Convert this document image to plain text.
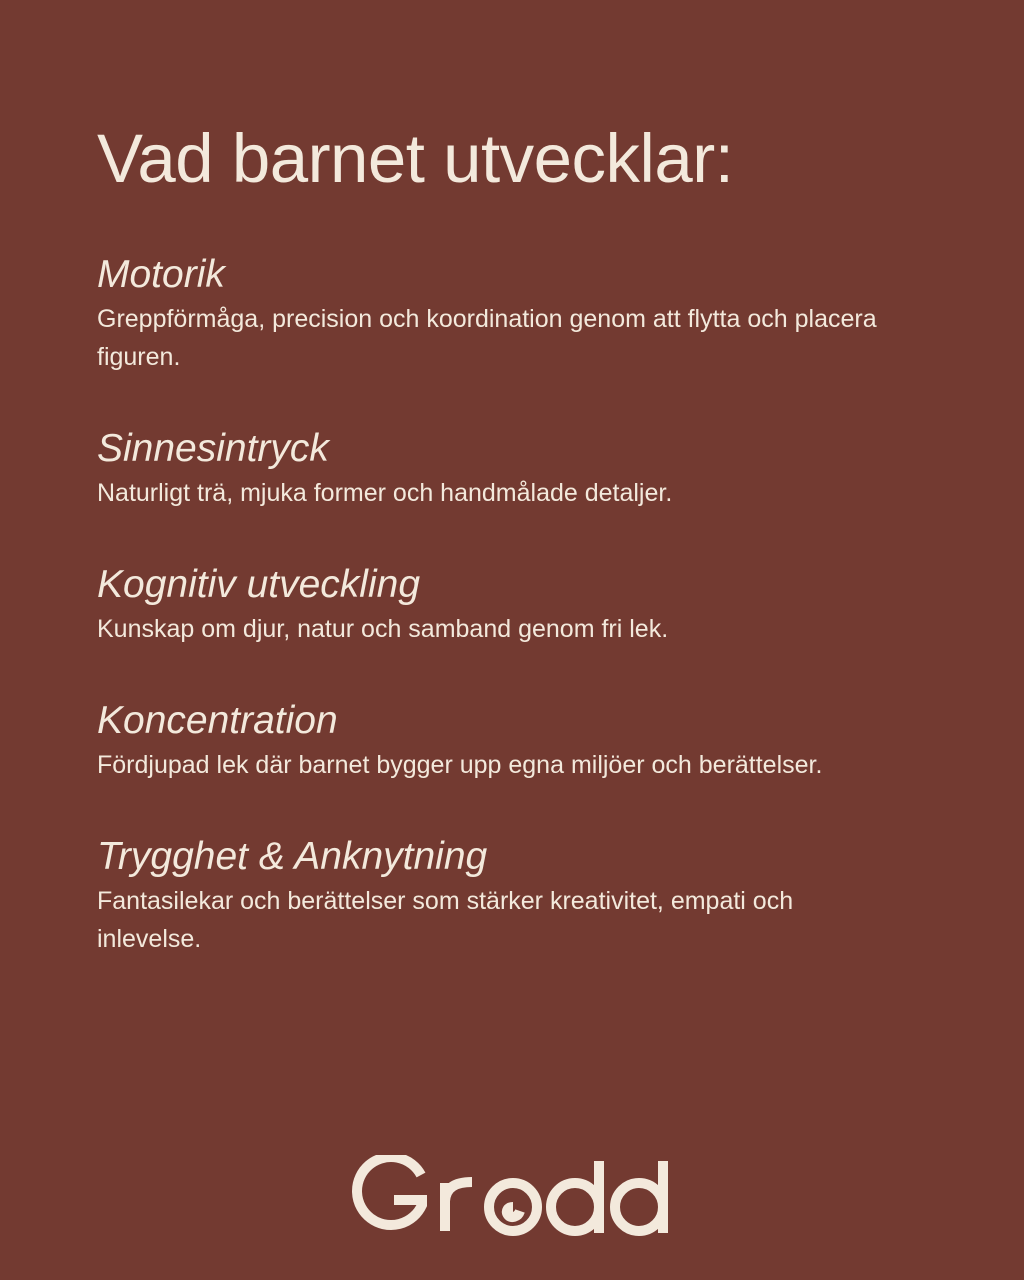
Vad barnet utvecklar:
Motorik

Greppförmåga, precision och koordination genom att flytta och placera figuren.

Sinnesintryck

Naturligt trä, mjuka former och handmålade detaljer.

Kognitiv utveckling

Kunskap om djur, natur och samband genom fri lek.

Koncentration

Fördjupad lek där barnet bygger upp egna miljöer och berättelser.

Trygghet & Anknytning

Fantasilekar och berättelser som stärker kreativitet, empati och inlevelse.
